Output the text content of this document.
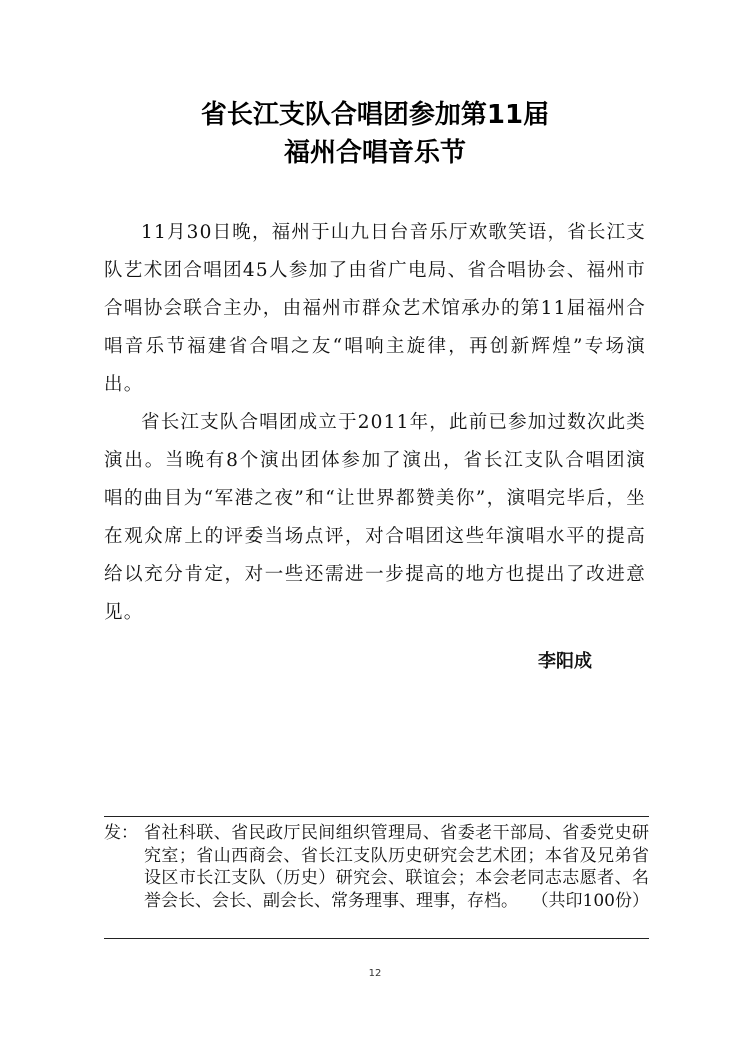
省长江支队合唱团参加第11届
福州合唱音乐节

11月30日晚，福州于山九日台音乐厅欢歌笑语，省长江支队艺术团合唱团45人参加了由省广电局、省合唱协会、福州市合唱协会联合主办，由福州市群众艺术馆承办的第11届福州合唱音乐节福建省合唱之友“唱响主旋律，再创新辉煌”专场演出。

省长江支队合唱团成立于2011年，此前已参加过数次此类演出。当晚有8个演出团体参加了演出，省长江支队合唱团演唱的曲目为“军港之夜”和“让世界都赞美你”，演唱完毕后，坐在观众席上的评委当场点评，对合唱团这些年演唱水平的提高给以充分肯定，对一些还需进一步提高的地方也提出了改进意见。

李阳成
发： 省社科联、省民政厅民间组织管理局、省委老干部局、省委党史研究室；省山西商会、省长江支队历史研究会艺术团；本省及兄弟省设区市长江支队（历史）研究会、联谊会；本会老同志志愿者、名誉会长、会长、副会长、常务理事、理事，存档。 （共印100份）
12
